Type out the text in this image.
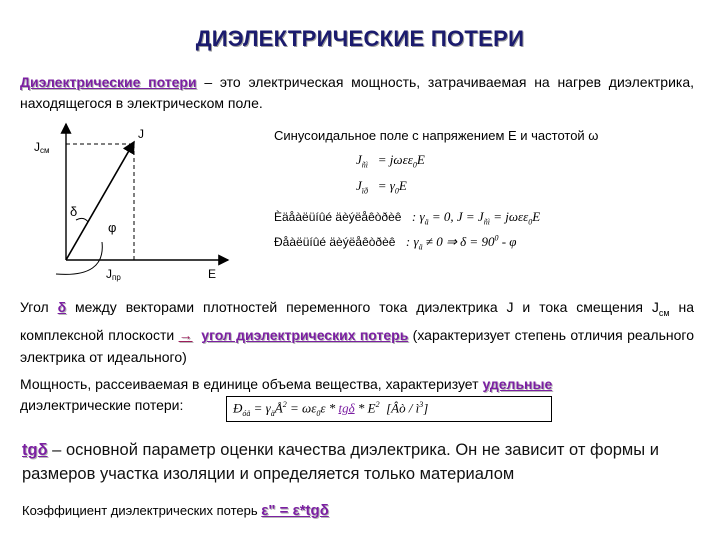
ДИЭЛЕКТРИЧЕСКИЕ ПОТЕРИ
Диэлектрические потери – это электрическая мощность, затрачиваемая на нагрев диэлектрика, находящегося в электрическом поле.
Jсм
J
δ
φ
Jпр	E
Синусоидальное поле с напряжением E и частотой ω
$J_{ñì} = j\omega\varepsilon\varepsilon_0E$
$J_{ïð} = \gamma_0E$
Èäåàëüíûé äèýëåêòðèê : $\gamma_ä = 0$, $J = J_{ñì} = j\omega\varepsilon\varepsilon_0E$
Ðåàëüíûé äèýëåêòðèê : $\gamma_ä \ne 0$ ⇒ $\delta = 90^0 - \varphi$
Угол δ между векторами плотностей переменного тока диэлектрика J и тока смещения $J_{см}$ на комплексной плоскости → угол диэлектрических потерь (характеризует степень отличия реального электрика от идеального)
Мощность, рассеиваемая в единице объема вещества, характеризует удельные
диэлектрические потери:	$Ð_{óä}$ = $\gamma_äÅ^2 = \omega\varepsilon_0\varepsilon * tg\delta * E^2$ [Âò / $ì^3$]
tgδ – основной параметр оценки качества диэлектрика. Он не зависит от формы и размеров участка изоляции и определяется только материалом
Коэффициент диэлектрических потерь ε" = ε*tgδ
